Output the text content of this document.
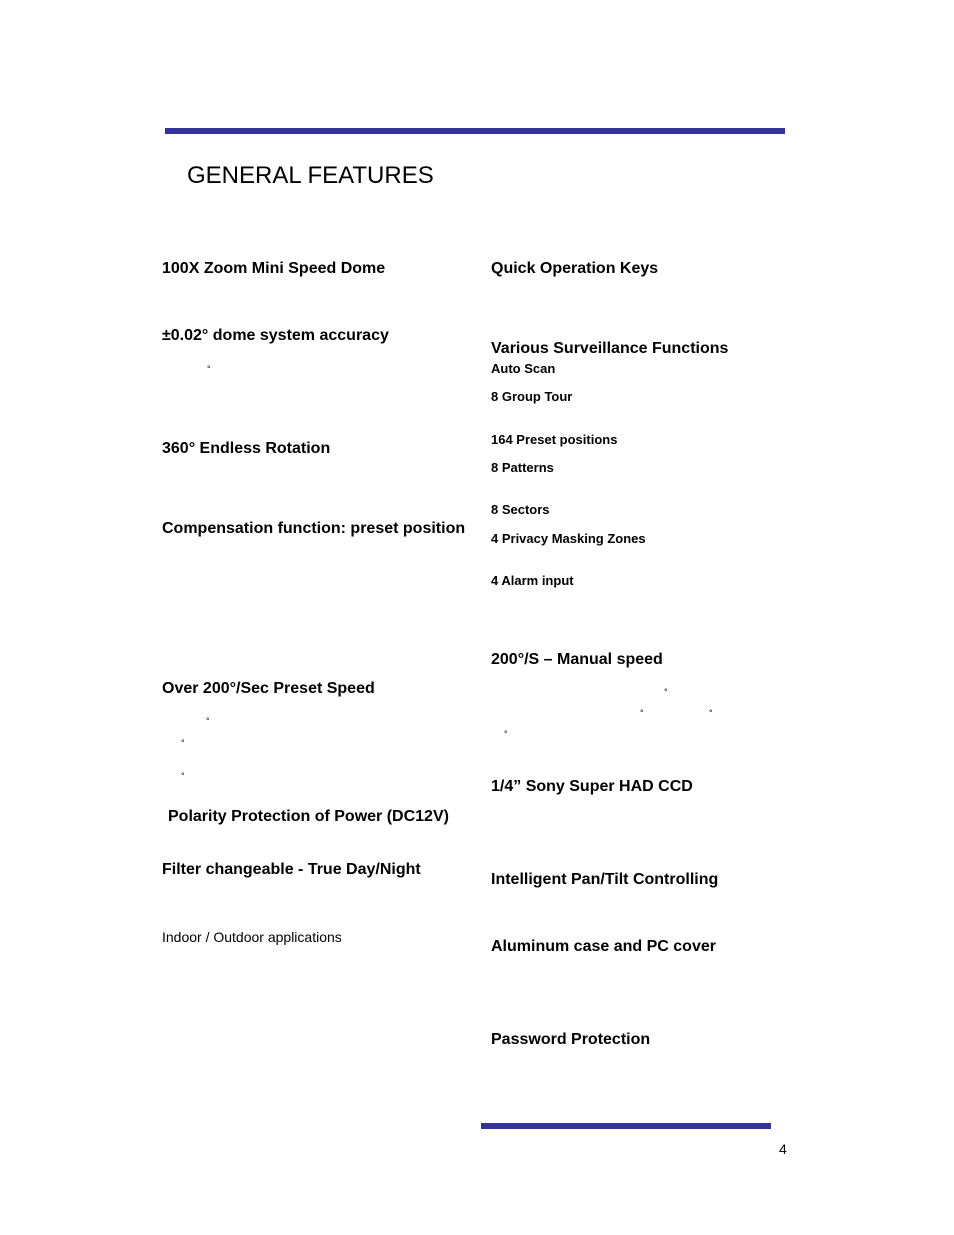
GENERAL FEATURES
100X Zoom Mini Speed Dome
±0.02° dome system accuracy
°
360° Endless Rotation
Compensation function: preset position
Over 200°/Sec Preset Speed
°
°
°
Polarity Protection of Power (DC12V)
Filter changeable - True Day/Night
Indoor / Outdoor applications
Quick Operation Keys
Various Surveillance Functions
Auto Scan
8 Group Tour
164 Preset positions
8 Patterns
8 Sectors
4 Privacy Masking Zones
4 Alarm input
200°/S – Manual speed
°
°	°
°
1/4” Sony Super HAD CCD
Intelligent Pan/Tilt Controlling
Aluminum case and PC cover
Password Protection
4
